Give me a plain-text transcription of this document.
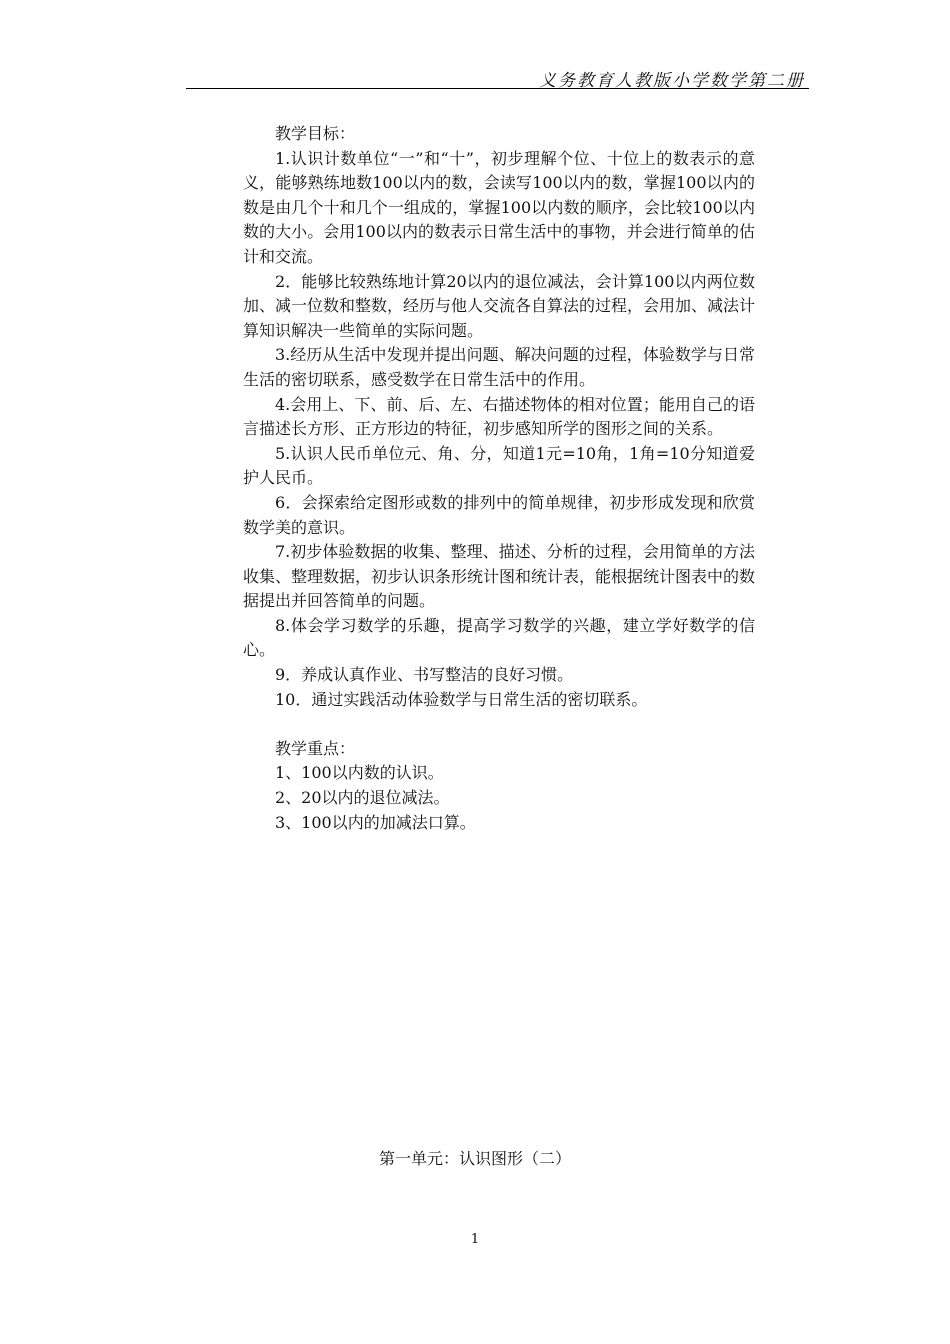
义务教育人教版小学数学第二册

教学目标：

1.认识计数单位“一”和“十”，初步理解个位、十位上的数表示的意义，能够熟练地数100以内的数，会读写100以内的数，掌握100以内的数是由几个十和几个一组成的，掌握100以内数的顺序，会比较100以内数的大小。会用100以内的数表示日常生活中的事物，并会进行简单的估计和交流。

2．能够比较熟练地计算20以内的退位减法，会计算100以内两位数加、减一位数和整数，经历与他人交流各自算法的过程，会用加、减法计算知识解决一些简单的实际问题。

3.经历从生活中发现并提出问题、解决问题的过程，体验数学与日常生活的密切联系，感受数学在日常生活中的作用。

4.会用上、下、前、后、左、右描述物体的相对位置；能用自己的语言描述长方形、正方形边的特征，初步感知所学的图形之间的关系。

5.认识人民币单位元、角、分，知道1元=10角，1角=10分知道爱护人民币。

6．会探索给定图形或数的排列中的简单规律，初步形成发现和欣赏数学美的意识。

7.初步体验数据的收集、整理、描述、分析的过程，会用简单的方法收集、整理数据，初步认识条形统计图和统计表，能根据统计图表中的数据提出并回答简单的问题。

8.体会学习数学的乐趣，提高学习数学的兴趣，建立学好数学的信心。

9．养成认真作业、书写整洁的良好习惯。

10．通过实践活动体验数学与日常生活的密切联系。

教学重点：

1、100以内数的认识。

2、20以内的退位减法。

3、100以内的加减法口算。

第一单元：认识图形（二）
1
